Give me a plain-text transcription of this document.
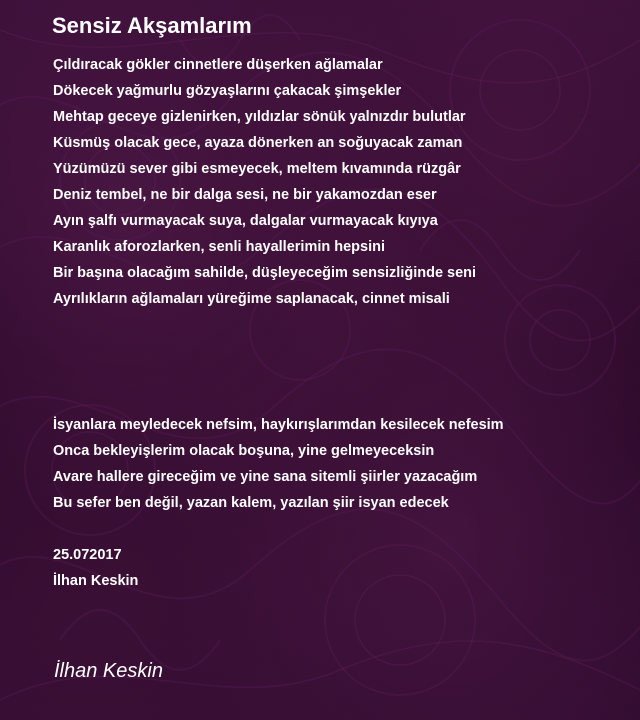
Sensiz Akşamlarım
Çıldıracak gökler cinnetlere düşerken ağlamalar
Dökecek yağmurlu gözyaşlarını çakacak şimşekler
Mehtap geceye gizlenirken, yıldızlar sönük yalnızdır bulutlar
Küsmüş olacak gece, ayaza dönerken an soğuyacak zaman
Yüzümüzü sever gibi esmeyecek, meltem kıvamında rüzgâr
Deniz tembel, ne bir dalga sesi, ne bir yakamozdan eser
Ayın şalfı vurmayacak suya, dalgalar vurmayacak kıyıya
Karanlık aforozlarken, senli hayallerimin hepsini
Bir başına olacağım sahilde, düşleyeceğim sensizliğinde seni
Ayrılıkların ağlamaları yüreğime saplanacak, cinnet misali
İsyanlara meyledecek nefsim, haykırışlarımdan kesilecek nefesim
Onca bekleyişlerim olacak boşuna, yine gelmeyeceksin
Avare hallere gireceğim ve yine sana sitemli şiirler yazacağım
Bu sefer ben değil, yazan kalem, yazılan şiir isyan edecek
25.072017
İlhan Keskin
İlhan Keskin
